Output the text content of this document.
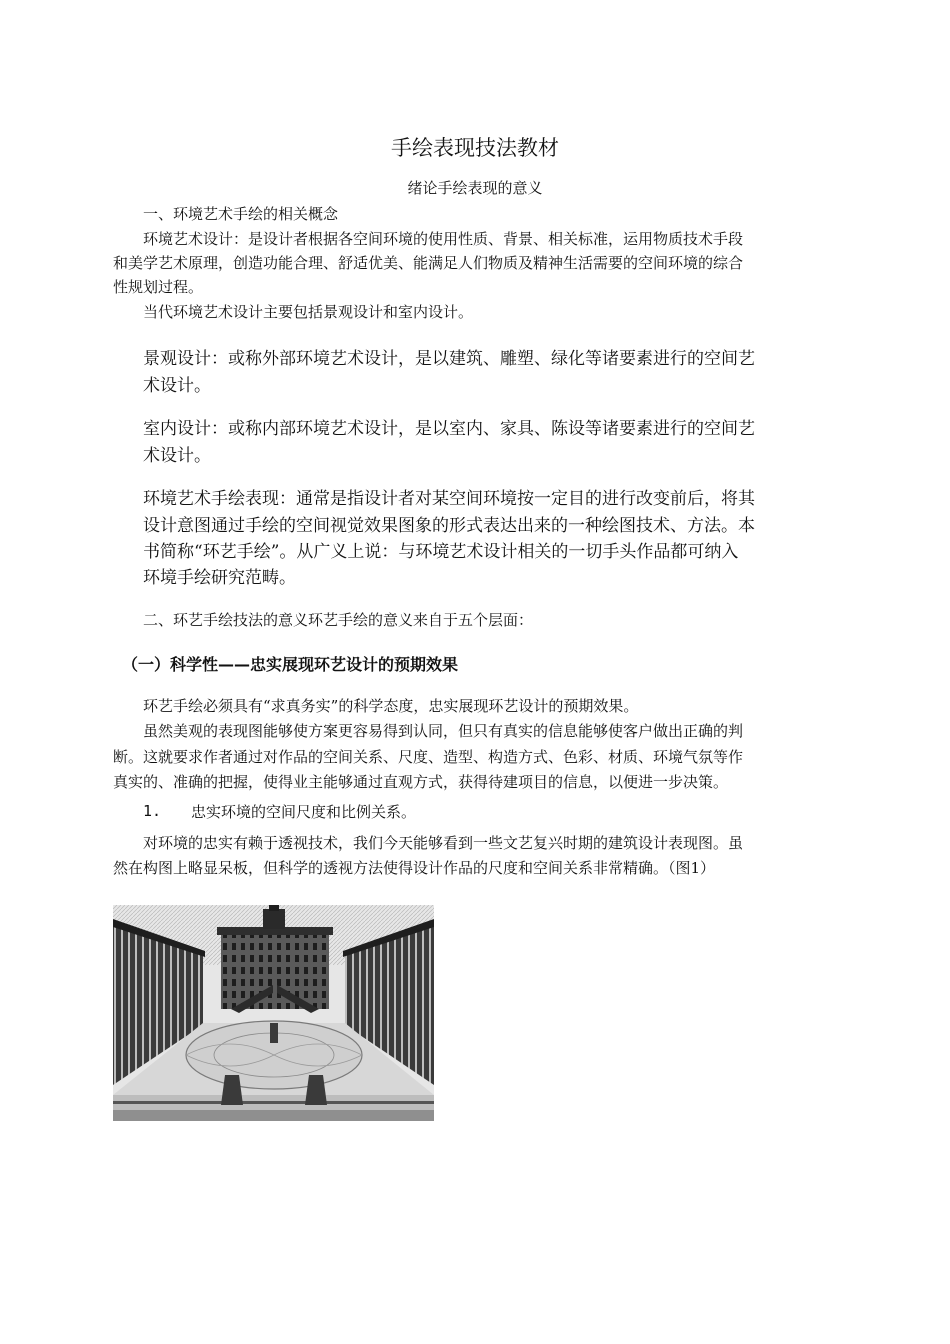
手绘表现技法教材

绪论手绘表现的意义

一、环境艺术手绘的相关概念

环境艺术设计：是设计者根据各空间环境的使用性质、背景、相关标准，运用物质技术手段

和美学艺术原理，创造功能合理、舒适优美、能满足人们物质及精神生活需要的空间环境的综合

性规划过程。

当代环境艺术设计主要包括景观设计和室内设计。

景观设计：或称外部环境艺术设计，是以建筑、雕塑、绿化等诸要素进行的空间艺

术设计。

室内设计：或称内部环境艺术设计，是以室内、家具、陈设等诸要素进行的空间艺

术设计。

环境艺术手绘表现：通常是指设计者对某空间环境按一定目的进行改变前后，将其

设计意图通过手绘的空间视觉效果图象的形式表达出来的一种绘图技术、方法。本

书简称“环艺手绘”。从广义上说：与环境艺术设计相关的一切手头作品都可纳入

环境手绘研究范畴。

二、环艺手绘技法的意义环艺手绘的意义来自于五个层面：

（一）科学性——忠实展现环艺设计的预期效果

环艺手绘必须具有“求真务实”的科学态度，忠实展现环艺设计的预期效果。

虽然美观的表现图能够使方案更容易得到认同，但只有真实的信息能够使客户做出正确的判

断。这就要求作者通过对作品的空间关系、尺度、造型、构造方式、色彩、材质、环境气氛等作

真实的、准确的把握，使得业主能够通过直观方式，获得待建项目的信息，以便进一步决策。

1. 忠实环境的空间尺度和比例关系。

对环境的忠实有赖于透视技术，我们今天能够看到一些文艺复兴时期的建筑设计表现图。虽

然在构图上略显呆板，但科学的透视方法使得设计作品的尺度和空间关系非常精确。（图1）
